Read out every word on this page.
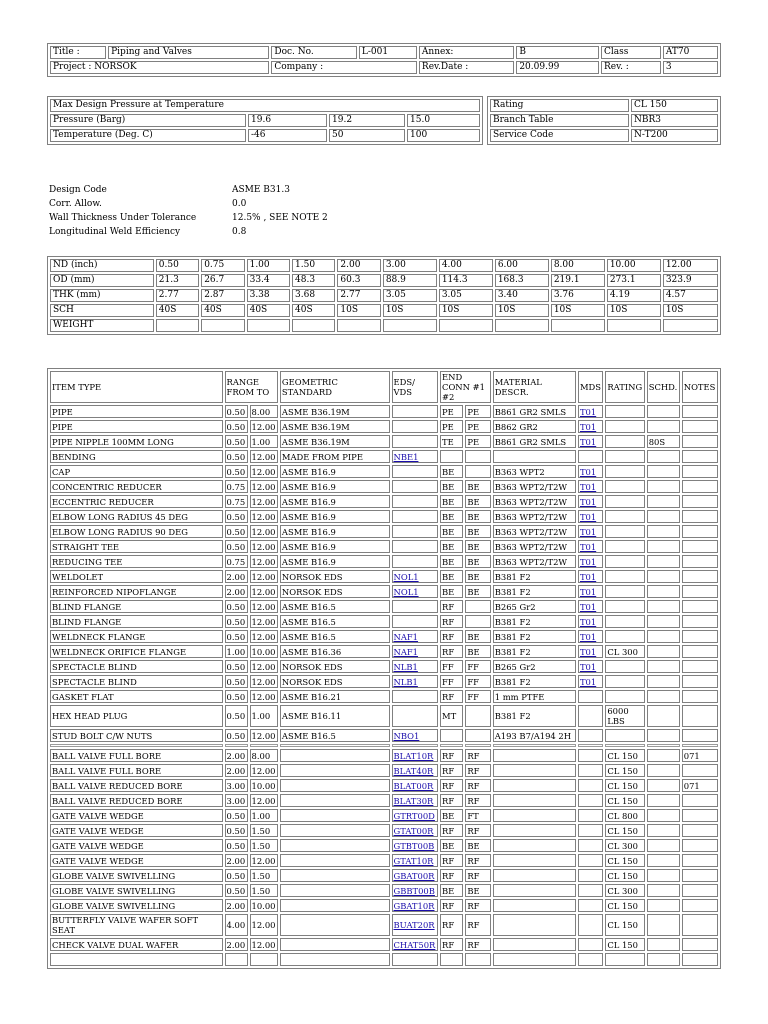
Title :	Piping and Valves	Doc. No.	L-001	Annex:	B	Class	AT70
Project : NORSOK		Company :		Rev.Date :	20.09.99	Rev. :	3
Max Design Pressure at Temperature			
Pressure (Barg)	19.6	19.2	15.0
Temperature (Deg. C)	-46	50	100
Rating	CL 150
Branch Table	NBR3
Service Code	N-T200
Design Code	ASME B31.3
Corr. Allow.	0.0
Wall Thickness Under Tolerance	12.5% , SEE NOTE 2
Longitudinal Weld Efficiency	0.8
ND (inch)	0.50	0.75	1.00	1.50	2.00	3.00	4.00	6.00	8.00	10.00	12.00
OD (mm)	21.3	26.7	33.4	48.3	60.3	88.9	114.3	168.3	219.1	273.1	323.9
THK (mm)	2.77	2.87	3.38	3.68	2.77	3.05	3.05	3.40	3.76	4.19	4.57
SCH	40S	40S	40S	40S	10S	10S	10S	10S	10S	10S	10S
WEIGHT											
ITEM TYPE	RANGE FROM TO		GEOMETRIC STANDARD	EDS/ VDS	END CONN #1 #2		MATERIAL DESCR.	MDS	RATING	SCHD.	NOTES
PIPE	0.50	8.00	ASME B36.19M		PE	PE	B861 GR2 SMLS	T01			
PIPE	0.50	12.00	ASME B36.19M		PE	PE	B862 GR2	T01			
PIPE NIPPLE 100MM LONG	0.50	1.00	ASME B36.19M		TE	PE	B861 GR2 SMLS	T01		80S	
BENDING	0.50	12.00	MADE FROM PIPE	NBE1							
CAP	0.50	12.00	ASME B16.9		BE		B363 WPT2	T01			
CONCENTRIC REDUCER	0.75	12.00	ASME B16.9		BE	BE	B363 WPT2/T2W	T01			
ECCENTRIC REDUCER	0.75	12.00	ASME B16.9		BE	BE	B363 WPT2/T2W	T01			
ELBOW LONG RADIUS 45 DEG	0.50	12.00	ASME B16.9		BE	BE	B363 WPT2/T2W	T01			
ELBOW LONG RADIUS 90 DEG	0.50	12.00	ASME B16.9		BE	BE	B363 WPT2/T2W	T01			
STRAIGHT TEE	0.50	12.00	ASME B16.9		BE	BE	B363 WPT2/T2W	T01			
REDUCING TEE	0.75	12.00	ASME B16.9		BE	BE	B363 WPT2/T2W	T01			
WELDOLET	2.00	12.00	NORSOK EDS	NOL1	BE	BE	B381 F2	T01			
REINFORCED NIPOFLANGE	2.00	12.00	NORSOK EDS	NOL1	BE	BE	B381 F2	T01			
BLIND FLANGE	0.50	12.00	ASME B16.5		RF		B265 Gr2	T01			
BLIND FLANGE	0.50	12.00	ASME B16.5		RF		B381 F2	T01			
WELDNECK FLANGE	0.50	12.00	ASME B16.5	NAF1	RF	BE	B381 F2	T01			
WELDNECK ORIFICE FLANGE	1.00	10.00	ASME B16.36	NAF1	RF	BE	B381 F2	T01	CL 300		
SPECTACLE BLIND	0.50	12.00	NORSOK EDS	NLB1	FF	FF	B265 Gr2	T01			
SPECTACLE BLIND	0.50	12.00	NORSOK EDS	NLB1	FF	FF	B381 F2	T01			
GASKET FLAT	0.50	12.00	ASME B16.21		RF	FF	1 mm PTFE				
HEX HEAD PLUG	0.50	1.00	ASME B16.11		MT		B381 F2		6000 LBS		
STUD BOLT C/W NUTS	0.50	12.00	ASME B16.5	NBO1			A193 B7/A194 2H				

BALL VALVE FULL BORE	2.00	8.00		BLAT10R	RF	RF			CL 150		071
BALL VALVE FULL BORE	2.00	12.00		BLAT40R	RF	RF			CL 150		
BALL VALVE REDUCED BORE	3.00	10.00		BLAT00R	RF	RF			CL 150		071
BALL VALVE REDUCED BORE	3.00	12.00		BLAT30R	RF	RF			CL 150		
GATE VALVE WEDGE	0.50	1.00		GTRT00D	BE	FT			CL 800		
GATE VALVE WEDGE	0.50	1.50		GTAT00R	RF	RF			CL 150		
GATE VALVE WEDGE	0.50	1.50		GTBT00B	BE	BE			CL 300		
GATE VALVE WEDGE	2.00	12.00		GTAT10R	RF	RF			CL 150		
GLOBE VALVE SWIVELLING	0.50	1.50		GBAT00R	RF	RF			CL 150		
GLOBE VALVE SWIVELLING	0.50	1.50		GBBT00B	BE	BE			CL 300		
GLOBE VALVE SWIVELLING	2.00	10.00		GBAT10R	RF	RF			CL 150		
BUTTERFLY VALVE WAFER SOFT SEAT	4.00	12.00		BUAT20R	RF	RF			CL 150		
CHECK VALVE DUAL WAFER	2.00	12.00		CHAT50R	RF	RF			CL 150		
